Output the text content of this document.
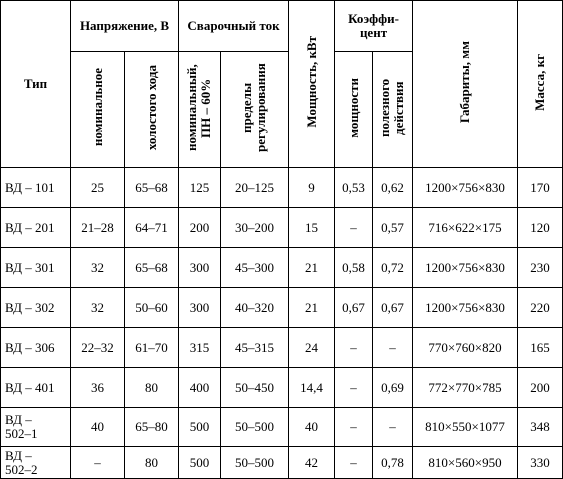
Тип	Напряжение, В		Сварочный ток		Мощность, кВт	Коэффи-цент		Габариты, мм	Масса, кг
	номинальное	холостого хода	номинальный, ПН – 60%	пределы регулирования		мощности	полезного действия		
ВД – 101	25	65–68	125	20–125	9	0,53	0,62	1200×756×830	170
ВД – 201	21–28	64–71	200	30–200	15	–	0,57	716×622×175	120
ВД – 301	32	65–68	300	45–300	21	0,58	0,72	1200×756×830	230
ВД – 302	32	50–60	300	40–320	21	0,67	0,67	1200×756×830	220
ВД – 306	22–32	61–70	315	45–315	24	–	–	770×760×820	165
ВД – 401	36	80	400	50–450	14,4	–	0,69	772×770×785	200

ВД –
502–1	40	65–80	500	50–500	40	–	–	810×550×1077	348

ВД –
502–2	–	80	500	50–500	42	–	0,78	810×560×950	330
